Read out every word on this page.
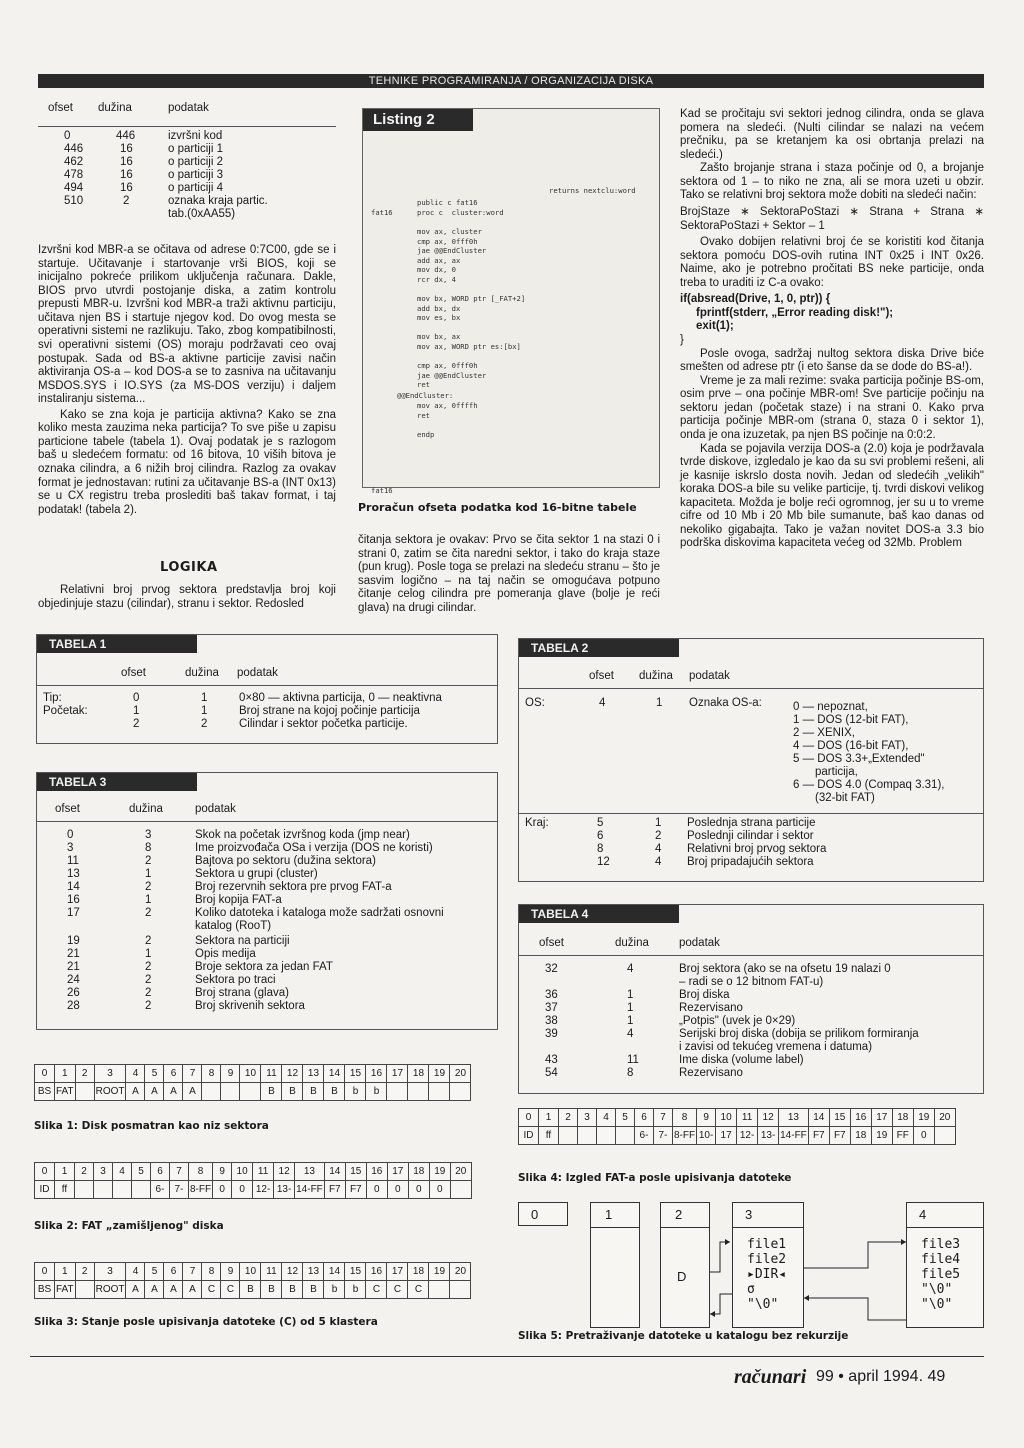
TEHNIKE PROGRAMIRANJA / ORGANIZACIJA DISKA
ofset dužina	podatak
0	446	izvršni kod
446	16	o particiji 1
462	16	o particiji 2
478	16	o particiji 3
494	16	o particiji 4
510	2	oznaka kraja partic.
tab.(0xAA55)

Izvršni kod MBR-a se očitava od adrese 0:7C00, gde se i startuje. Učitavanje i startovanje vrši BIOS, koji se inicijalno pokreće prilikom uključenja računara. Dakle, BIOS prvo utvrdi postojanje diska, a zatim kontrolu prepusti MBR-u. Izvršni kod MBR-a traži aktivnu particiju, učitava njen BS i startuje njegov kod. Do ovog mesta se operativni sistemi ne razlikuju. Tako, zbog kompatibilnosti, svi operativni sistemi (OS) moraju podržavati ceo ovaj postupak. Sada od BS-a aktivne particije zavisi način aktiviranja OS-a – kod DOS-a se to zasniva na učitavanju MSDOS.SYS i IO.SYS (za MS-DOS verziju) i daljem instaliranju sistema...

Kako se zna koja je particija aktivna? Kako se zna koliko mesta zauzima neka particija? To sve piše u zapisu particione tabele (tabela 1). Ovaj podatak je s razlogom baš u sledećem formatu: od 16 bitova, 10 viših bitova je oznaka cilindra, a 6 nižih broj cilindra. Razlog za ovakav format je jednostavan: rutini za učitavanje BS-a (INT 0x13) se u CX registru treba proslediti baš takav format, i taj podatak! (tabela 2).

LOGIKA

Relativni broj prvog sektora predstavlja broj koji objedinjuje stazu (cilindar), stranu i sektor. Redosled

Listing 2

fat16

fat16

public c fat16
proc c  cluster:word

mov ax, cluster
cmp ax, 0fff0h
jae @@EndCluster
add ax, ax
mov dx, 0
rcr dx, 4

mov bx, WORD ptr [_FAT+2]
add bx, dx
mov es, bx

mov bx, ax
mov ax, WORD ptr es:[bx]

cmp ax, 0fff0h
jae @@EndCluster
ret
returns nextclu:word
@@EndCluster:
mov ax, 0ffffh
ret

endp
Proračun ofseta podatka kod 16-bitne tabele

čitanja sektora je ovakav: Prvo se čita sektor 1 na stazi 0 i strani 0, zatim se čita naredni sektor, i tako do kraja staze (pun krug). Posle toga se prelazi na sledeću stranu – što je sasvim logično – na taj način se omogućava potpuno čitanje celog cilindra pre pomeranja glave (bolje je reći glava) na drugi cilindar.

Kad se pročitaju svi sektori jednog cilindra, onda se glava pomera na sledeći. (Nulti cilindar se nalazi na većem prečniku, pa se kretanjem ka osi obrtanja prelazi na sledeći.)

Zašto brojanje strana i staza počinje od 0, a brojanje sektora od 1 – to niko ne zna, ali se mora uzeti u obzir. Tako se relativni broj sektora može dobiti na sledeći način:

BrojStaze ∗ SektoraPoStazi ∗ Strana + Strana ∗ SektoraPoStazi + Sektor – 1

Ovako dobijen relativni broj će se koristiti kod čitanja sektora pomoću DOS-ovih rutina INT 0x25 i INT 0x26. Naime, ako je potrebno pročitati BS neke particije, onda treba to uraditi iz C-a ovako:

if(absread(Drive, 1, 0, ptr)) {

fprintf(stderr, „Error reading disk!");

exit(1);

}

Posle ovoga, sadržaj nultog sektora diska Drive biće smešten od adrese ptr (i eto šanse da se dode do BS-a!).

Vreme je za mali rezime: svaka particija počinje BS-om, osim prve – ona počinje MBR-om! Sve particije počinju na sektoru jedan (početak staze) i na strani 0. Kako prva particija počinje MBR-om (strana 0, staza 0 i sektor 1), onda je ona izuzetak, pa njen BS počinje na 0:0:2.

Kada se pojavila verzija DOS-a (2.0) koja je podržavala tvrde diskove, izgledalo je kao da su svi problemi rešeni, ali je kasnije iskrslo dosta novih. Jedan od sledećih „velikih" koraka DOS-a bile su velike particije, tj. tvrdi diskovi velikog kapaciteta. Možda je bolje reći ogromnog, jer su u to vreme cifre od 10 Mb i 20 Mb bile sumanute, baš kao danas od nekoliko gigabajta. Tako je važan novitet DOS-a 3.3 bio podrška diskovima kapaciteta većeg od 32Mb. Problem

TABELA 1
ofset	dužina podatak
Tip:	0	1	0×80 — aktivna particija, 0 — neaktivna
Početak:	1	1	Broj strane na kojoj počinje particija
2	2	Cilindar i sektor početka particije.
TABELA 3
ofset	dužina	podatak
0	3	Skok na početak izvršnog koda (jmp near)
3	8	Ime proizvođača OSa i verzija (DOS ne koristi)
11	2	Bajtova po sektoru (dužina sektora)
13	1	Sektora u grupi (cluster)
14	2	Broj rezervnih sektora pre prvog FAT-a
16	1	Broj kopija FAT-a
17	2	Koliko datoteka i kataloga može sadržati osnovni
katalog (RooT)
19	2	Sektora na particiji
21	1	Opis medija
21	2	Broje sektora za jedan FAT
24	2	Sektora po traci
26	2	Broj strana (glava)
28	2	Broj skrivenih sektora
TABELA 2
ofset dužina podatak
OS:	4	1 Oznaka OS-a:	0 — nepoznat,
1 — DOS (12-bit FAT),
2 — XENIX,
4 — DOS (16-bit FAT),
5 — DOS 3.3+„Extended"
particija,
6 — DOS 4.0 (Compaq 3.31),
(32-bit FAT)
Kraj:	5	1 Poslednja strana particije
6	2 Poslednji cilindar i sektor
8	4 Relativni broj prvog sektora
12	4 Broj pripadajućih sektora
TABELA 4
ofset	dužina	podatak
32	4	Broj sektora (ako se na ofsetu 19 nalazi 0
– radi se o 12 bitnom FAT-u)
36	1	Broj diska
37	1	Rezervisano
38	1	„Potpis" (uvek je 0×29)
39	4	Serijski broj diska (dobija se prilikom formiranja
i zavisi od tekućeg vremena i datuma)
43	11	Ime diska (volume label)
54	8	Rezervisano
0	1	2	3	4	5	6	7	8	9	10	11	12	13	14	15	16	17	18	19	20
BS	FAT		ROOT	A	A	A	A				B	B	B	B	b	b				
Slika 1: Disk posmatran kao niz sektora
0	1	2	3	4	5	6	7	8	9	10	11	12	13	14	15	16	17	18	19	20
ID	ff					6-	7-	8-FF	0	0	12-	13-	14-FF	F7	F7	0	0	0	0	
Slika 2: FAT „zamišljenog" diska
0	1	2	3	4	5	6	7	8	9	10	11	12	13	14	15	16	17	18	19	20
BS	FAT		ROOT	A	A	A	A	C	C	B	B	B	B	b	b	C	C	C		
Slika 3: Stanje posle upisivanja datoteke (C) od 5 klastera
0	1	2	3	4	5	6	7	8	9	10	11	12	13	14	15	16	17	18	19	20
ID	ff					6-	7-	8-FF	10-	17	12-	13-	14-FF	F7	F7	18	19	FF	0	
Slika 4: Izgled FAT-a posle upisivanja datoteke
0	1	2
D
3
file1
file2
▸DIR◂
σ
"\0"
4
file3
file4
file5
"\0"
"\0"
Slika 5: Pretraživanje datoteke u katalogu bez rekurzije
računari 99 • april 1994. 49
